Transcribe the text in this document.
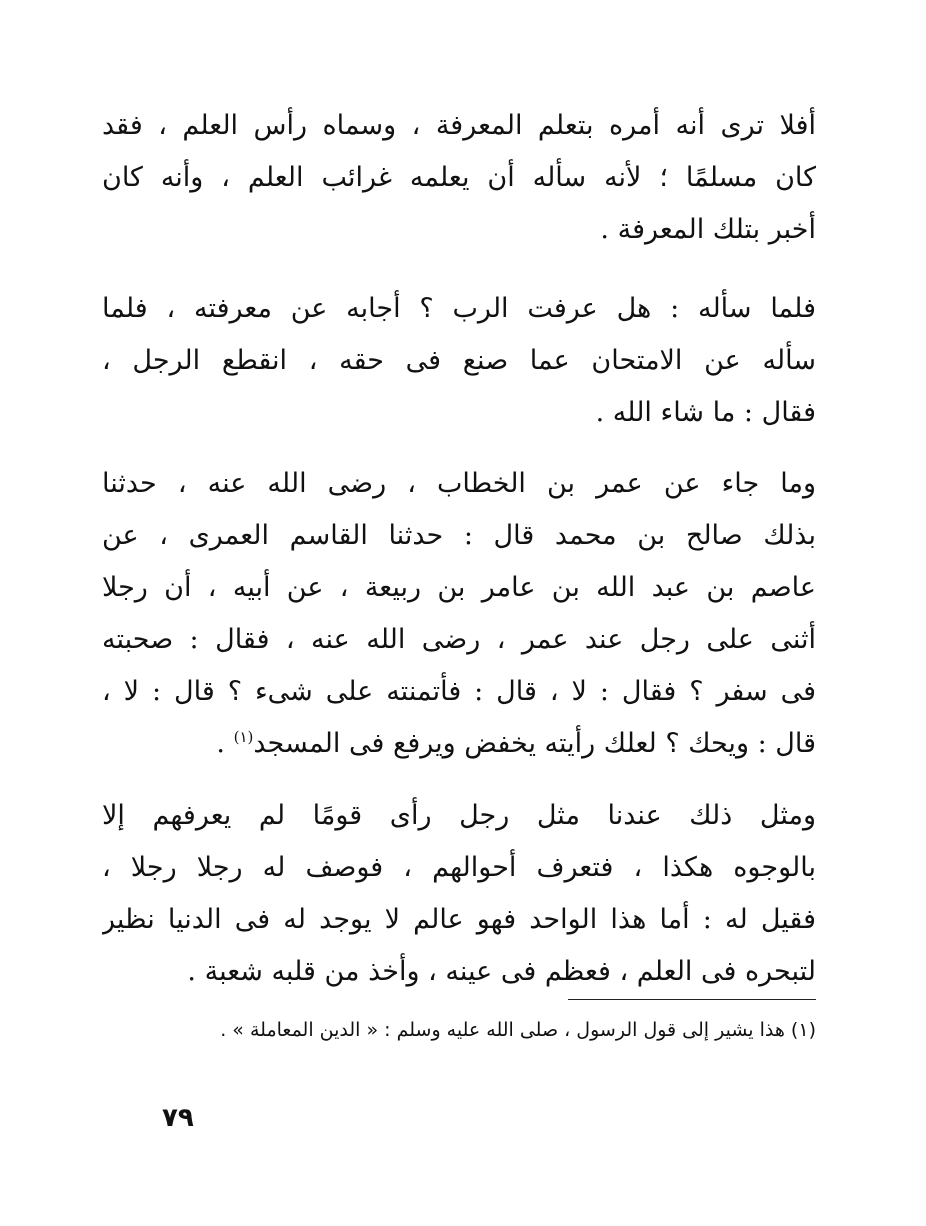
أفلا ترى أنه أمره بتعلم المعرفة ، وسماه رأس العلم ، فقد
كان مسلمًا ؛ لأنه سأله أن يعلمه غرائب العلم ، وأنه كان
أخبر بتلك المعرفة .
فلما سأله : هل عرفت الرب ؟ أجابه عن معرفته ، فلما
سأله عن الامتحان عما صنع فى حقه ، انقطع الرجل ،
فقال : ما شاء الله .
وما جاء عن عمر بن الخطاب ، رضى الله عنه ، حدثنا
بذلك صالح بن محمد قال : حدثنا القاسم العمرى ، عن
عاصم بن عبد الله بن عامر بن ربيعة ، عن أبيه ، أن رجلا
أثنى على رجل عند عمر ، رضى الله عنه ، فقال : صحبته
فى سفر ؟ فقال : لا ، قال : فأتمنته على شىء ؟ قال : لا ،
قال : ويحك ؟ لعلك رأيته يخفض ويرفع فى المسجد$^{(١)}$ .
ومثل ذلك عندنا مثل رجل رأى قومًا لم يعرفهم إلا
بالوجوه هكذا ، فتعرف أحوالهم ، فوصف له رجلا رجلا ،
فقيل له : أما هذا الواحد فهو عالم لا يوجد له فى الدنيا نظير
لتبحره فى العلم ، فعظم فى عينه ، وأخذ من قلبه شعبة .
(١) هذا يشير إلى قول الرسول ، صلى الله عليه وسلم : « الدين المعاملة » .
٧٩
